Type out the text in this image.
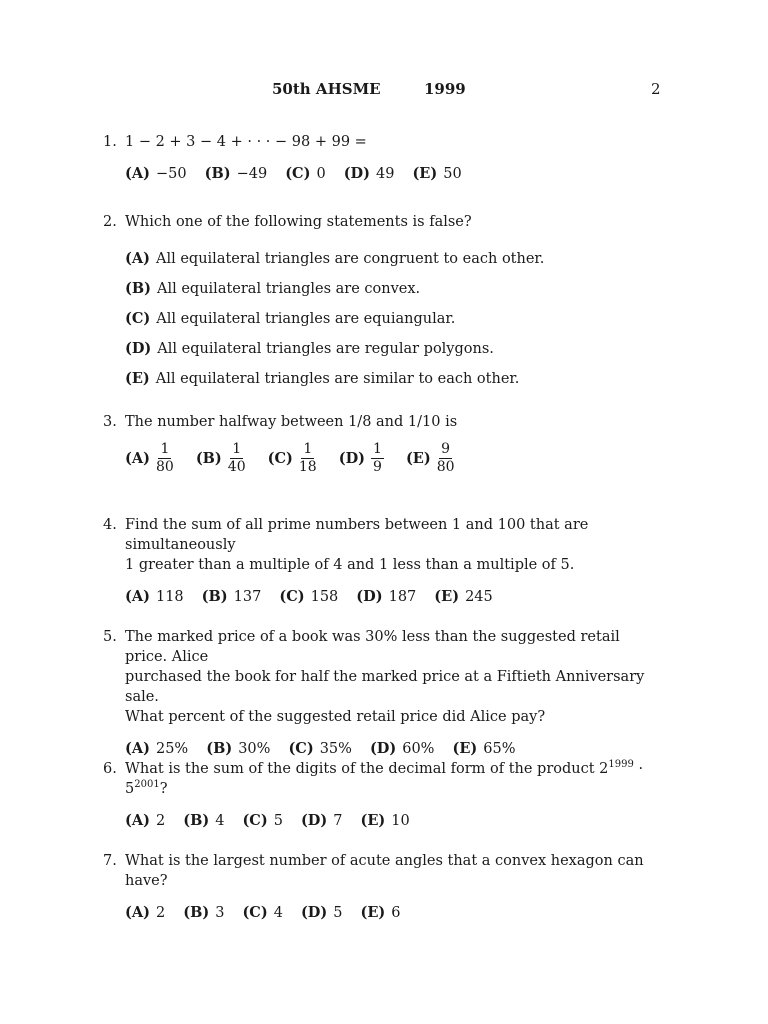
50th AHSME	1999	2
1. 1 − 2 + 3 − 4 + · · · − 98 + 99 =

(A) −50 (B) −49 (C) 0 (D) 49 (E) 50
2. Which one of the following statements is false?

(A) All equilateral triangles are congruent to each other.
(B) All equilateral triangles are convex.
(C) All equilateral triangles are equiangular.
(D) All equilateral triangles are regular polygons.
(E) All equilateral triangles are similar to each other.
3. The number halfway between 1/8 and 1/10 is

$(A) \frac{1}{80} (B) \frac{1}{40} (C) \frac{1}{18} (D) \frac{1}{9} (E) \frac{9}{80}$
4. Find the sum of all prime numbers between 1 and 100 that are simultaneously

1 greater than a multiple of 4 and 1 less than a multiple of 5.

(A) 118 (B) 137 (C) 158 (D) 187 (E) 245
5. The marked price of a book was 30% less than the suggested retail price. Alice

purchased the book for half the marked price at a Fiftieth Anniversary sale.

What percent of the suggested retail price did Alice pay?

(A) 25% (B) 30% (C) 35% (D) 60% (E) 65%
6. What is the sum of the digits of the decimal form of the product $2^{1999} \cdot 5^{2001}$?

(A) 2 (B) 4 (C) 5 (D) 7 (E) 10
7. What is the largest number of acute angles that a convex hexagon can have?

(A) 2 (B) 3 (C) 4 (D) 5 (E) 6
